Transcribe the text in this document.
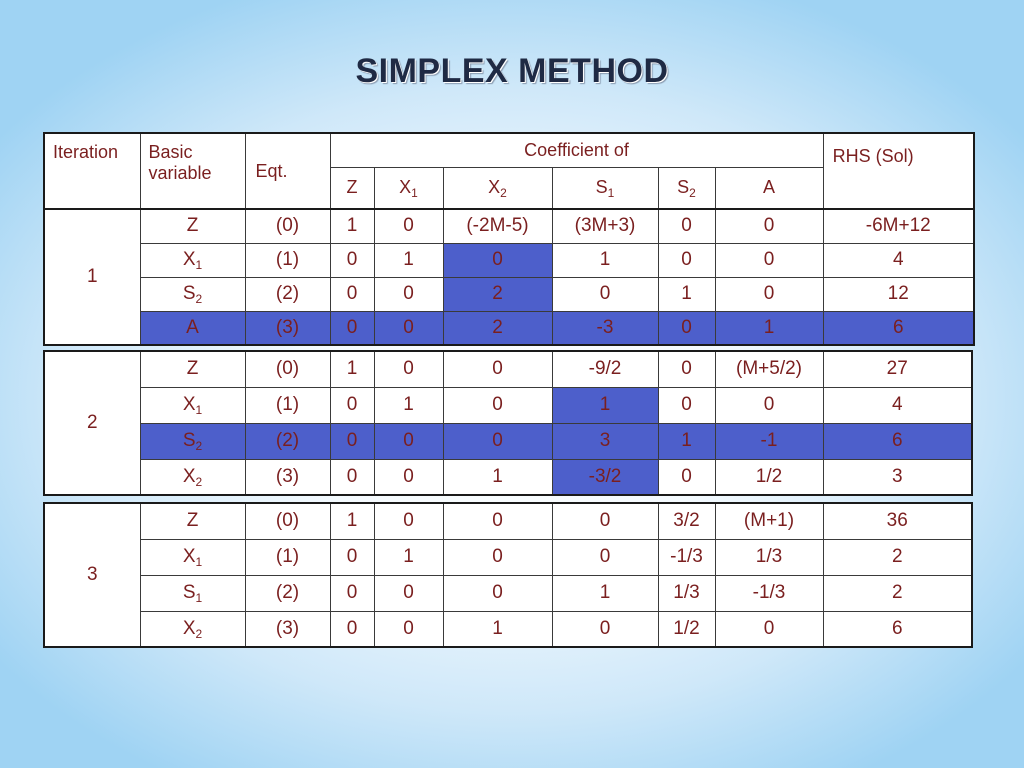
SIMPLEX METHOD
Iteration	Basic variable	Eqt.	Coefficient of						RHS (Sol)
			Z	$X_1$	$X_2$	$S_1$	$S_2$	A	
1	Z	(0)	1	0	(-2M-5)	(3M+3)	0	0	-6M+12
	$X_1$	(1)	0	1	0	1	0	0	4
	$S_2$	(2)	0	0	2	0	1	0	12
	A	(3)	0	0	2	-3	0	1	6
2	Z	(0)	1	0	0	-9/2	0	(M+5/2)	27
	$X_1$	(1)	0	1	0	1	0	0	4
	$S_2$	(2)	0	0	0	3	1	-1	6
	$X_2$	(3)	0	0	1	-3/2	0	1/2	3
3	Z	(0)	1	0	0	0	3/2	(M+1)	36
	$X_1$	(1)	0	1	0	0	-1/3	1/3	2
	$S_1$	(2)	0	0	0	1	1/3	-1/3	2
	$X_2$	(3)	0	0	1	0	1/2	0	6
